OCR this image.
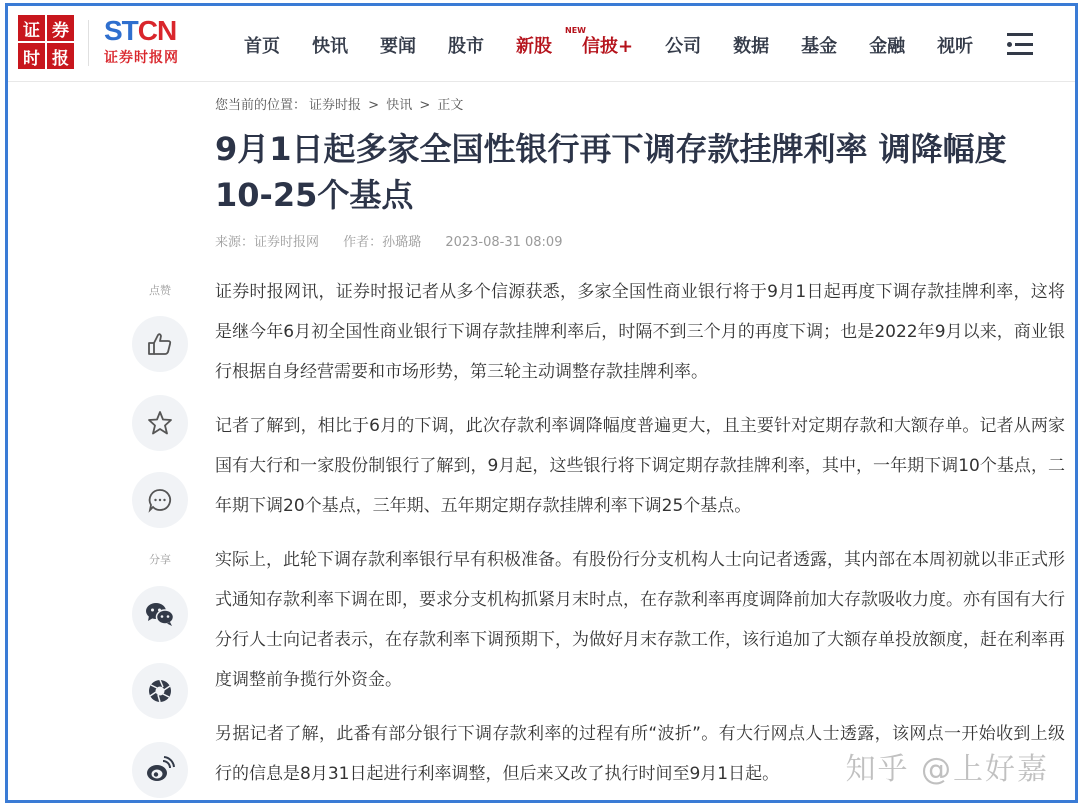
证 券
时 报
STCN
证券时报网
首页 快讯 要闻 股市 新股
NEW
信披+ 公司 数据 基金 金融 视听
您当前的位置： 证券时报 > 快讯 > 正文
9月1日起多家全国性银行再下调存款挂牌利率 调降幅度10-25个基点
来源：证券时报网 作者：孙璐璐 2023-08-31 08:09
点赞
分享

证券时报网讯，证券时报记者从多个信源获悉，多家全国性商业银行将于9月1日起再度下调存款挂牌利率，这将是继今年6月初全国性商业银行下调存款挂牌利率后，时隔不到三个月的再度下调；也是2022年9月以来，商业银行根据自身经营需要和市场形势，第三轮主动调整存款挂牌利率。

记者了解到，相比于6月的下调，此次存款利率调降幅度普遍更大，且主要针对定期存款和大额存单。记者从两家国有大行和一家股份制银行了解到，9月起，这些银行将下调定期存款挂牌利率，其中，一年期下调10个基点，二年期下调20个基点，三年期、五年期定期存款挂牌利率下调25个基点。

实际上，此轮下调存款利率银行早有积极准备。有股份行分支机构人士向记者透露，其内部在本周初就以非正式形式通知存款利率下调在即，要求分支机构抓紧月末时点，在存款利率再度调降前加大存款吸收力度。亦有国有大行分行人士向记者表示，在存款利率下调预期下，为做好月末存款工作，该行追加了大额存单投放额度，赶在利率再度调整前争揽行外资金。

另据记者了解，此番有部分银行下调存款利率的过程有所“波折”。有大行网点人士透露，该网点一开始收到上级行的信息是8月31日起进行利率调整，但后来又改了执行时间至9月1日起。	知乎 @上好嘉
